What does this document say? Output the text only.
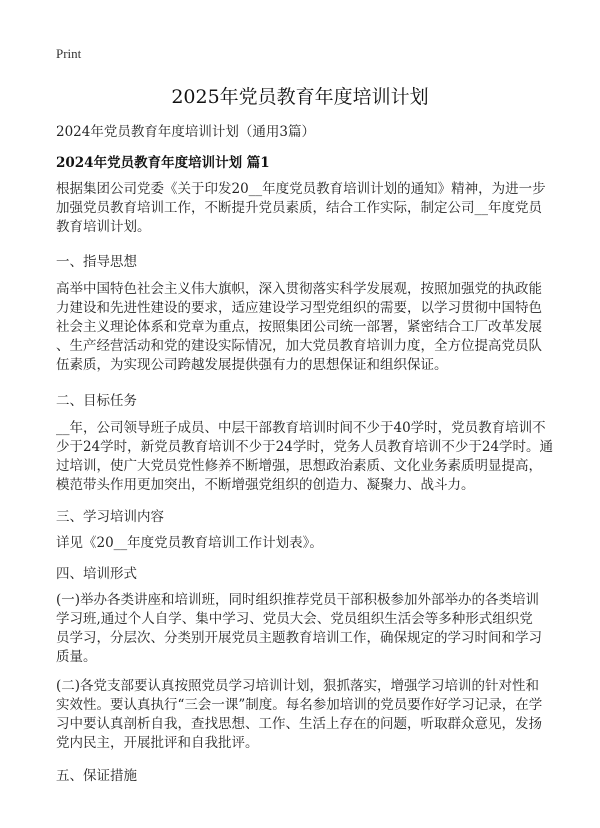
Print
2025年党员教育年度培训计划
2024年党员教育年度培训计划（通用3篇）
2024年党员教育年度培训计划 篇1

根据集团公司党委《关于印发20__年度党员教育培训计划的通知》精神，为进一步
加强党员教育培训工作，不断提升党员素质，结合工作实际，制定公司__年度党员
教育培训计划。

一、指导思想

高举中国特色社会主义伟大旗帜，深入贯彻落实科学发展观，按照加强党的执政能
力建设和先进性建设的要求，适应建设学习型党组织的需要，以学习贯彻中国特色
社会主义理论体系和党章为重点，按照集团公司统一部署，紧密结合工厂改革发展
、生产经营活动和党的建设实际情况，加大党员教育培训力度，全方位提高党员队
伍素质，为实现公司跨越发展提供强有力的思想保证和组织保证。

二、目标任务

__年，公司领导班子成员、中层干部教育培训时间不少于40学时，党员教育培训不
少于24学时，新党员教育培训不少于24学时，党务人员教育培训不少于24学时。通
过培训，使广大党员党性修养不断增强，思想政治素质、文化业务素质明显提高，
模范带头作用更加突出，不断增强党组织的创造力、凝聚力、战斗力。

三、学习培训内容

详见《20__年度党员教育培训工作计划表》。

四、培训形式

(一)举办各类讲座和培训班，同时组织推荐党员干部积极参加外部举办的各类培训
学习班,通过个人自学、集中学习、党员大会、党员组织生活会等多种形式组织党
员学习，分层次、分类别开展党员主题教育培训工作，确保规定的学习时间和学习
质量。

(二)各党支部要认真按照党员学习培训计划，狠抓落实，增强学习培训的针对性和
实效性。要认真执行“三会一课”制度。每名参加培训的党员要作好学习记录，在学
习中要认真剖析自我，查找思想、工作、生活上存在的问题，听取群众意见，发扬
党内民主，开展批评和自我批评。

五、保证措施
